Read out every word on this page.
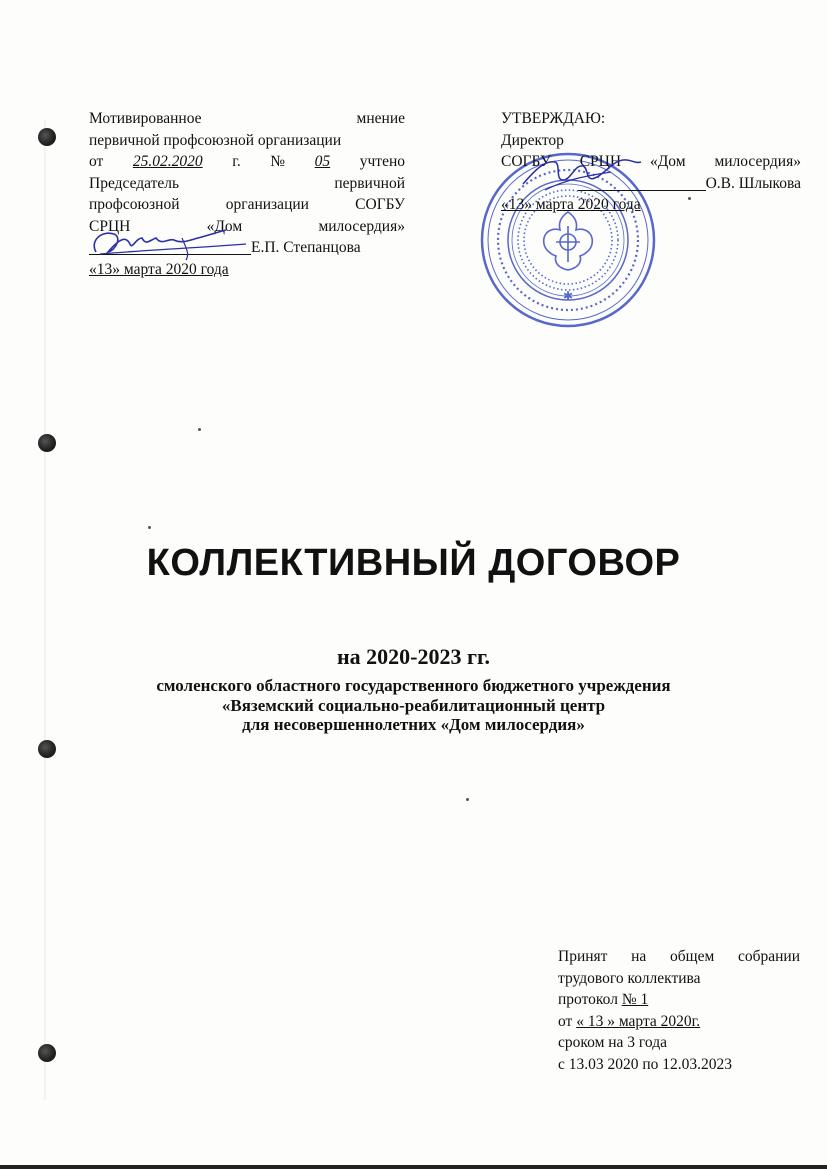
Мотивированное	мнение
первичной профсоюзной организации
от 25.02.2020 г. № 05 учтено
Председатель	первичной
профсоюзной	организации	СОГБУ
СРЦН	«Дом	милосердия»
Е.П. Степанцова
«13» марта 2020 года
✱
УТВЕРЖДАЮ:
Директор
СОГБУ СРЦН «Дом милосердия»
О.В. Шлыкова
«13» марта 2020 года
КОЛЛЕКТИВНЫЙ ДОГОВОР
на 2020-2023 гг.
смоленского областного государственного бюджетного учреждения
«Вяземский социально-реабилитационный центр
для несовершеннолетних «Дом милосердия»
Принят на общем собрании
трудового коллектива
протокол № 1
от « 13 » марта 2020г.
сроком на 3 года
с 13.03 2020 по 12.03.2023
